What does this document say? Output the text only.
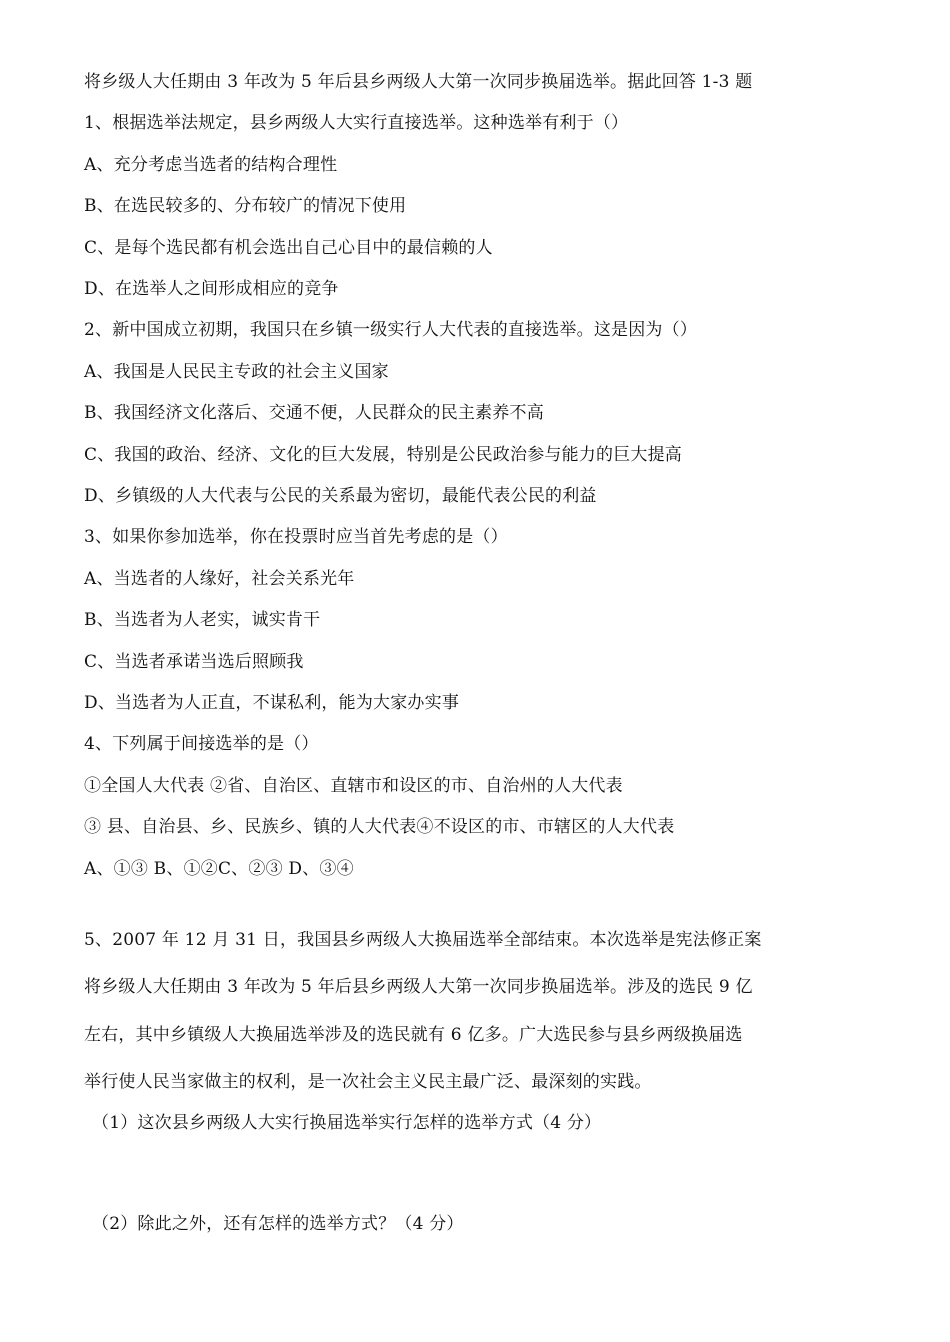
将乡级人大任期由 3 年改为 5 年后县乡两级人大第一次同步换届选举。据此回答 1-3 题
1、根据选举法规定，县乡两级人大实行直接选举。这种选举有利于（）
A、充分考虑当选者的结构合理性
B、在选民较多的、分布较广的情况下使用
C、是每个选民都有机会选出自己心目中的最信赖的人
D、在选举人之间形成相应的竞争
2、新中国成立初期，我国只在乡镇一级实行人大代表的直接选举。这是因为（）
A、我国是人民民主专政的社会主义国家
B、我国经济文化落后、交通不便，人民群众的民主素养不高
C、我国的政治、经济、文化的巨大发展，特别是公民政治参与能力的巨大提高
D、乡镇级的人大代表与公民的关系最为密切，最能代表公民的利益
3、如果你参加选举，你在投票时应当首先考虑的是（）
A、当选者的人缘好，社会关系光年
B、当选者为人老实，诚实肯干
C、当选者承诺当选后照顾我
D、当选者为人正直，不谋私利，能为大家办实事
4、下列属于间接选举的是（）
①全国人大代表 ②省、自治区、直辖市和设区的市、自治州的人大代表
③ 县、自治县、乡、民族乡、镇的人大代表④不设区的市、市辖区的人大代表
A、①③ B、①②C、②③ D、③④
5、2007 年 12 月 31 日，我国县乡两级人大换届选举全部结束。本次选举是宪法修正案
将乡级人大任期由 3 年改为 5 年后县乡两级人大第一次同步换届选举。涉及的选民 9 亿
左右，其中乡镇级人大换届选举涉及的选民就有 6 亿多。广大选民参与县乡两级换届选
举行使人民当家做主的权利，是一次社会主义民主最广泛、最深刻的实践。
（1）这次县乡两级人大实行换届选举实行怎样的选举方式（4 分）
（2）除此之外，还有怎样的选举方式？（4 分）
